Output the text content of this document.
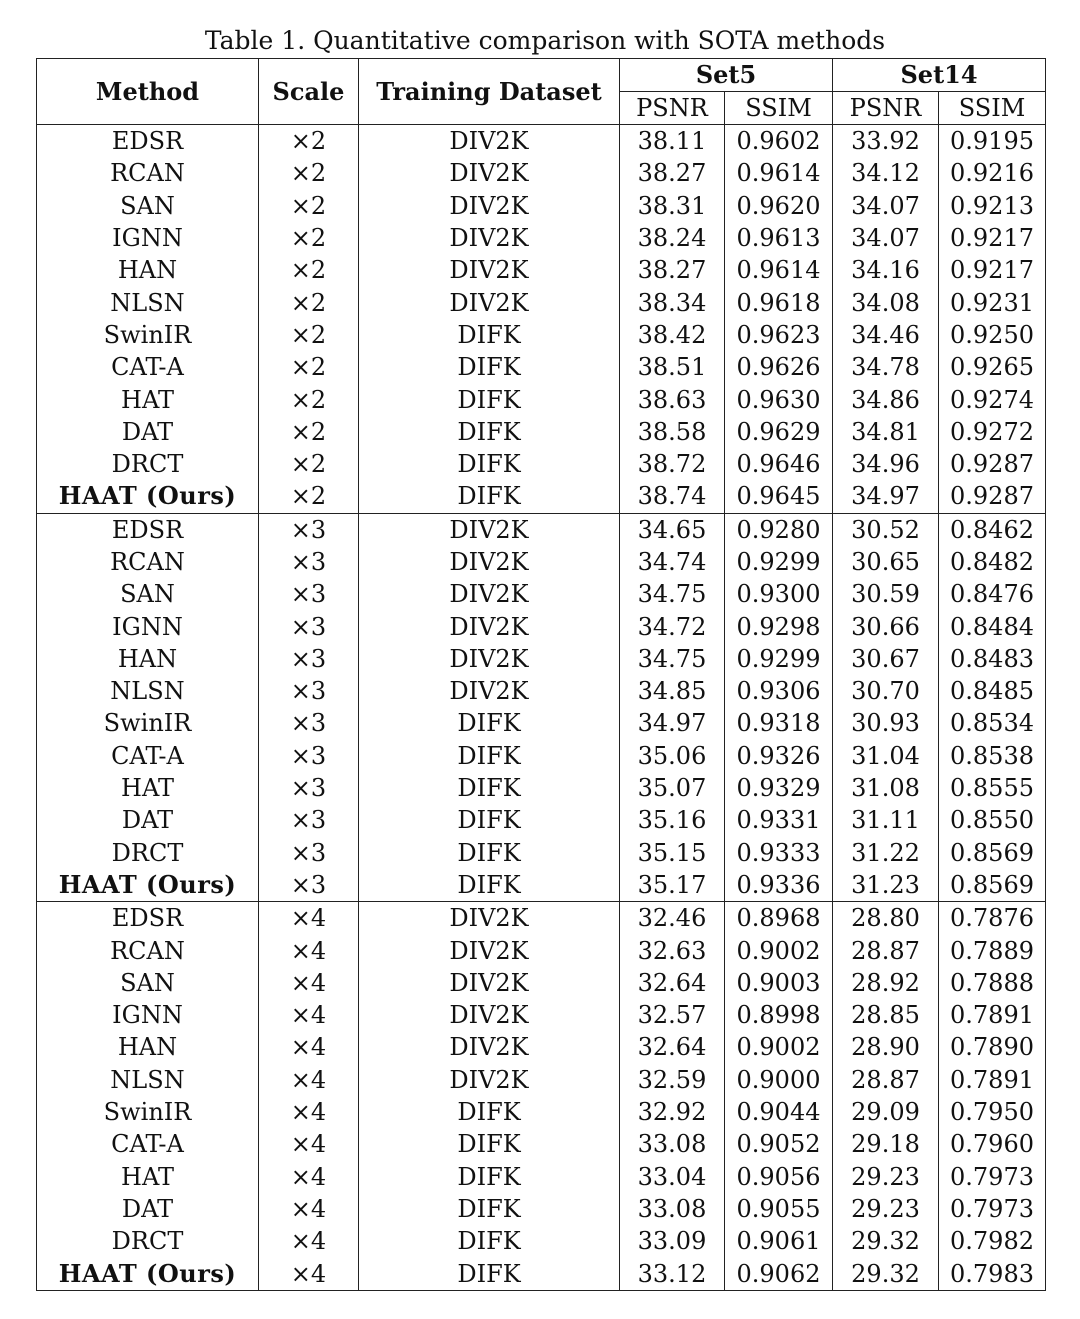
Table 1. Quantitative comparison with SOTA methods
Method	Scale	Training Dataset	Set5		Set14	
			PSNR	SSIM	PSNR	SSIM
EDSR	×2	DIV2K	38.11	0.9602	33.92	0.9195
RCAN	×2	DIV2K	38.27	0.9614	34.12	0.9216
SAN	×2	DIV2K	38.31	0.9620	34.07	0.9213
IGNN	×2	DIV2K	38.24	0.9613	34.07	0.9217
HAN	×2	DIV2K	38.27	0.9614	34.16	0.9217
NLSN	×2	DIV2K	38.34	0.9618	34.08	0.9231
SwinIR	×2	DIFK	38.42	0.9623	34.46	0.9250
CAT-A	×2	DIFK	38.51	0.9626	34.78	0.9265
HAT	×2	DIFK	38.63	0.9630	34.86	0.9274
DAT	×2	DIFK	38.58	0.9629	34.81	0.9272
DRCT	×2	DIFK	38.72	0.9646	34.96	0.9287
HAAT (Ours)	×2	DIFK	38.74	0.9645	34.97	0.9287
EDSR	×3	DIV2K	34.65	0.9280	30.52	0.8462
RCAN	×3	DIV2K	34.74	0.9299	30.65	0.8482
SAN	×3	DIV2K	34.75	0.9300	30.59	0.8476
IGNN	×3	DIV2K	34.72	0.9298	30.66	0.8484
HAN	×3	DIV2K	34.75	0.9299	30.67	0.8483
NLSN	×3	DIV2K	34.85	0.9306	30.70	0.8485
SwinIR	×3	DIFK	34.97	0.9318	30.93	0.8534
CAT-A	×3	DIFK	35.06	0.9326	31.04	0.8538
HAT	×3	DIFK	35.07	0.9329	31.08	0.8555
DAT	×3	DIFK	35.16	0.9331	31.11	0.8550
DRCT	×3	DIFK	35.15	0.9333	31.22	0.8569
HAAT (Ours)	×3	DIFK	35.17	0.9336	31.23	0.8569
EDSR	×4	DIV2K	32.46	0.8968	28.80	0.7876
RCAN	×4	DIV2K	32.63	0.9002	28.87	0.7889
SAN	×4	DIV2K	32.64	0.9003	28.92	0.7888
IGNN	×4	DIV2K	32.57	0.8998	28.85	0.7891
HAN	×4	DIV2K	32.64	0.9002	28.90	0.7890
NLSN	×4	DIV2K	32.59	0.9000	28.87	0.7891
SwinIR	×4	DIFK	32.92	0.9044	29.09	0.7950
CAT-A	×4	DIFK	33.08	0.9052	29.18	0.7960
HAT	×4	DIFK	33.04	0.9056	29.23	0.7973
DAT	×4	DIFK	33.08	0.9055	29.23	0.7973
DRCT	×4	DIFK	33.09	0.9061	29.32	0.7982
HAAT (Ours)	×4	DIFK	33.12	0.9062	29.32	0.7983
